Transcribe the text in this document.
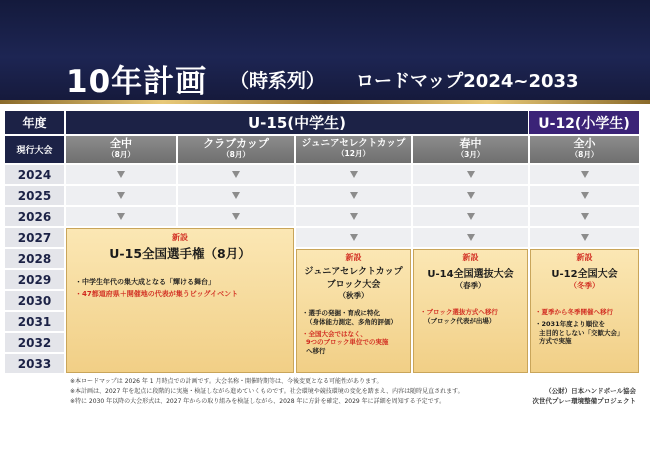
10年計画 （時系列） ロードマップ2024~2033
年度
現行大会
2024
2025
2026
2027
2028
2029
2030
2031
2032
2033
U-15(中学生)	U-12(小学生)
全中
（8月）
クラブカップ
（8月）
ジュニアセレクトカップ
（12月）
春中
（3月）
全小
（8月）
新設
U-15全国選手権（8月）
・中学生年代の集大成となる「輝ける舞台」
・47都道府県＋開催地の代表が集うビッグイベント
新設
ジュニアセレクトカップ
ブロック大会
（秋季）
・選手の発掘・育成に特化
（身体能力測定、多角的評価）
・全国大会ではなく、
9つのブロック単位での実施
へ移行
新設
U-14全国選抜大会
（春季）
・ブロック選抜方式へ移行
（ブロック代表が出場）
新設
U-12全国大会
（冬季）
・夏季から冬季開催へ移行
・2031年度より順位を
主目的としない「交歓大会」
方式で実施
※本ロードマップは 2026 年 1 月時点での計画です。大会名称・開催時期等は、今後変更となる可能性があります。
※本計画は、2027 年を起点に段階的に実施・検証しながら進めていくものです。社会環境や競技環境の変化を踏まえ、内容は随時見直されます。
※特に 2030 年以降の大会形式は、2027 年からの取り組みを検証しながら、2028 年に方針を確定、2029 年に詳細を周知する予定です。
（公財）日本ハンドボール協会
次世代プレー環境整備プロジェクト
